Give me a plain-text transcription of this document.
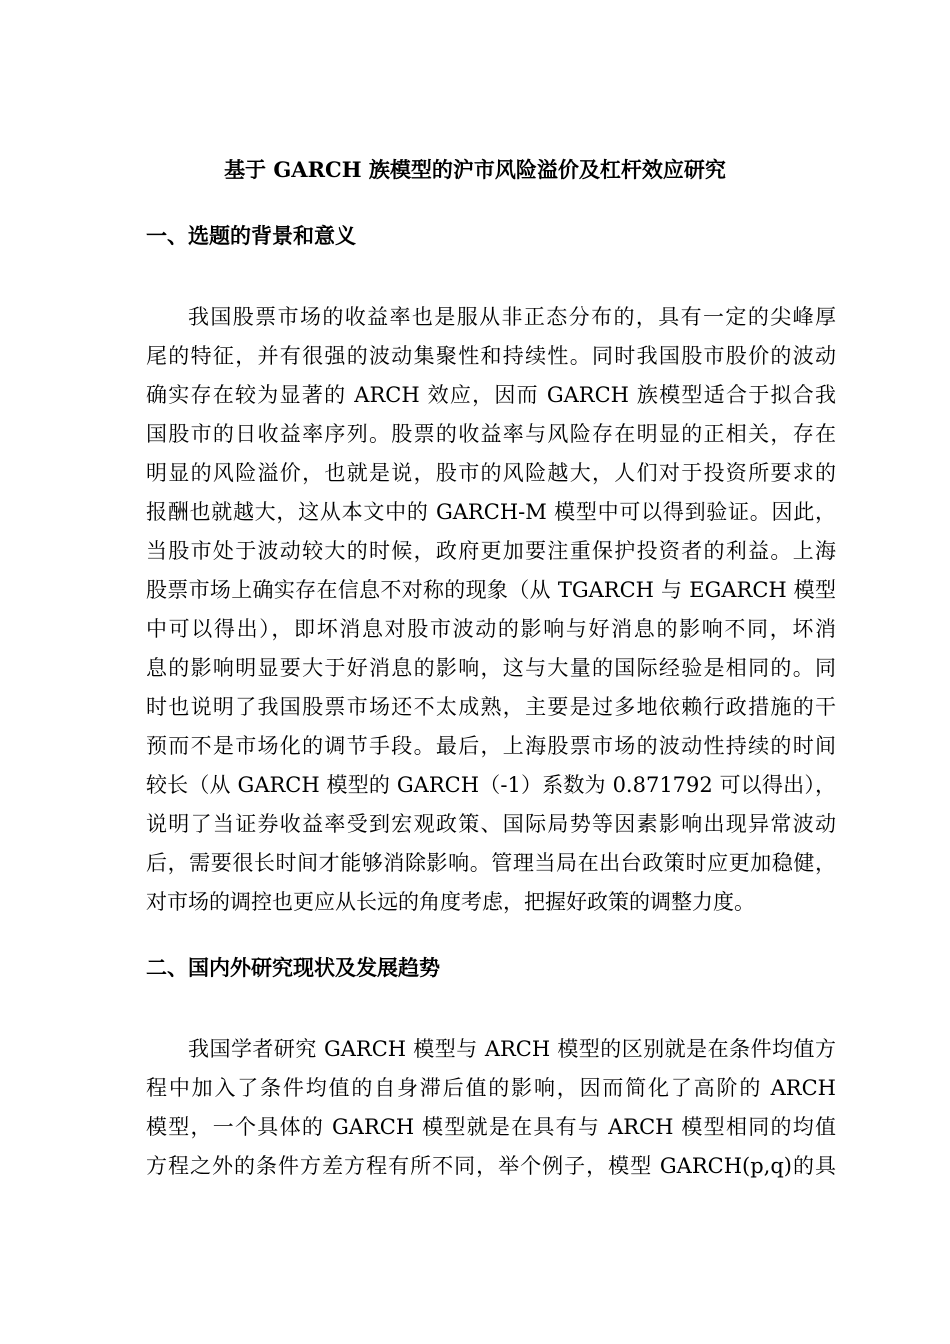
基于 GARCH 族模型的沪市风险溢价及杠杆效应研究
一、选题的背景和意义

我国股票市场的收益率也是服从非正态分布的，具有一定的尖峰厚
尾的特征，并有很强的波动集聚性和持续性。同时我国股市股价的波动
确实存在较为显著的 ARCH 效应，因而 GARCH 族模型适合于拟合我
国股市的日收益率序列。股票的收益率与风险存在明显的正相关，存在
明显的风险溢价，也就是说，股市的风险越大，人们对于投资所要求的
报酬也就越大，这从本文中的 GARCH-M 模型中可以得到验证。因此，
当股市处于波动较大的时候，政府更加要注重保护投资者的利益。上海
股票市场上确实存在信息不对称的现象（从 TGARCH 与 EGARCH 模型
中可以得出），即坏消息对股市波动的影响与好消息的影响不同，坏消
息的影响明显要大于好消息的影响，这与大量的国际经验是相同的。同
时也说明了我国股票市场还不太成熟，主要是过多地依赖行政措施的干
预而不是市场化的调节手段。最后，上海股票市场的波动性持续的时间
较长（从 GARCH 模型的 GARCH（-1）系数为 0.871792 可以得出），
说明了当证券收益率受到宏观政策、国际局势等因素影响出现异常波动
后，需要很长时间才能够消除影响。管理当局在出台政策时应更加稳健，
对市场的调控也更应从长远的角度考虑，把握好政策的调整力度。

二、国内外研究现状及发展趋势

我国学者研究 GARCH 模型与 ARCH 模型的区别就是在条件均值方
程中加入了条件均值的自身滞后值的影响，因而简化了高阶的 ARCH
模型，一个具体的 GARCH 模型就是在具有与 ARCH 模型相同的均值
方程之外的条件方差方程有所不同，举个例子，模型 GARCH(p,q)的具
